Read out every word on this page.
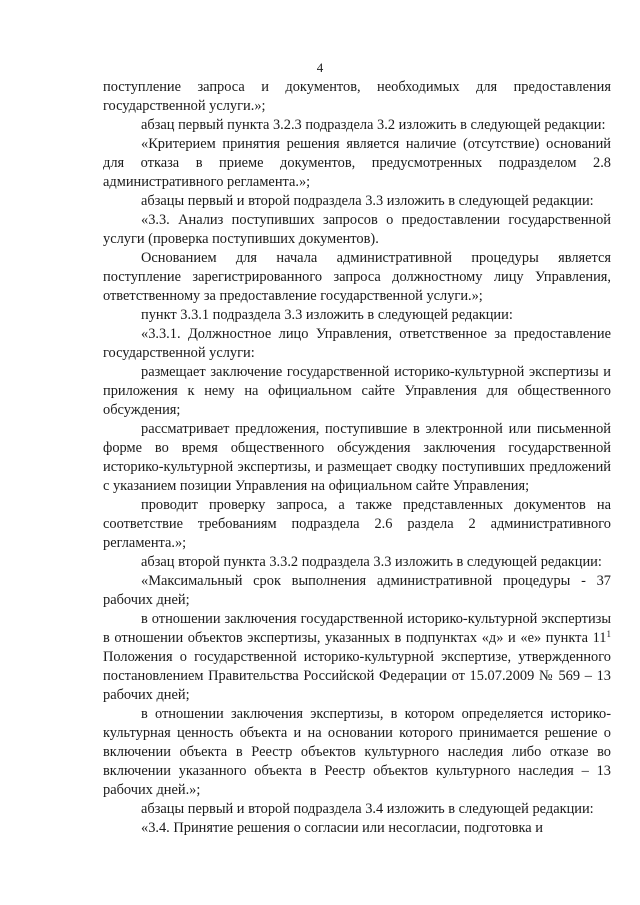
4

поступление запроса и документов, необходимых для предоставления государственной услуги.»;

абзац первый пункта 3.2.3 подраздела 3.2 изложить в следующей редакции:

«Критерием принятия решения является наличие (отсутствие) оснований для отказа в приеме документов, предусмотренных подразделом 2.8 административного регламента.»;

абзацы первый и второй подраздела 3.3 изложить в следующей редакции:

«3.3. Анализ поступивших запросов о предоставлении государственной услуги (проверка поступивших документов).

Основанием для начала административной процедуры является поступление зарегистрированного запроса должностному лицу Управления, ответственному за предоставление государственной услуги.»;

пункт 3.3.1 подраздела 3.3 изложить в следующей редакции:

«3.3.1. Должностное лицо Управления, ответственное за предоставление государственной услуги:

размещает заключение государственной историко-культурной экспертизы и приложения к нему на официальном сайте Управления для общественного обсуждения;

рассматривает предложения, поступившие в электронной или письменной форме во время общественного обсуждения заключения государственной историко-культурной экспертизы, и размещает сводку поступивших предложений с указанием позиции Управления на официальном сайте Управления;

проводит проверку запроса, а также представленных документов на соответствие требованиям подраздела 2.6 раздела 2 административного регламента.»;

абзац второй пункта 3.3.2 подраздела 3.3 изложить в следующей редакции:

«Максимальный срок выполнения административной процедуры - 37 рабочих дней;

в отношении заключения государственной историко-культурной экспертизы в отношении объектов экспертизы, указанных в подпунктах «д» и «е» пункта $11^1$ Положения о государственной историко-культурной экспертизе, утвержденного постановлением Правительства Российской Федерации от 15.07.2009 № 569 – 13 рабочих дней;

в отношении заключения экспертизы, в котором определяется историко-культурная ценность объекта и на основании которого принимается решение о включении объекта в Реестр объектов культурного наследия либо отказе во включении указанного объекта в Реестр объектов культурного наследия – 13 рабочих дней.»;

абзацы первый и второй подраздела 3.4 изложить в следующей редакции:

«3.4. Принятие решения о согласии или несогласии, подготовка и
